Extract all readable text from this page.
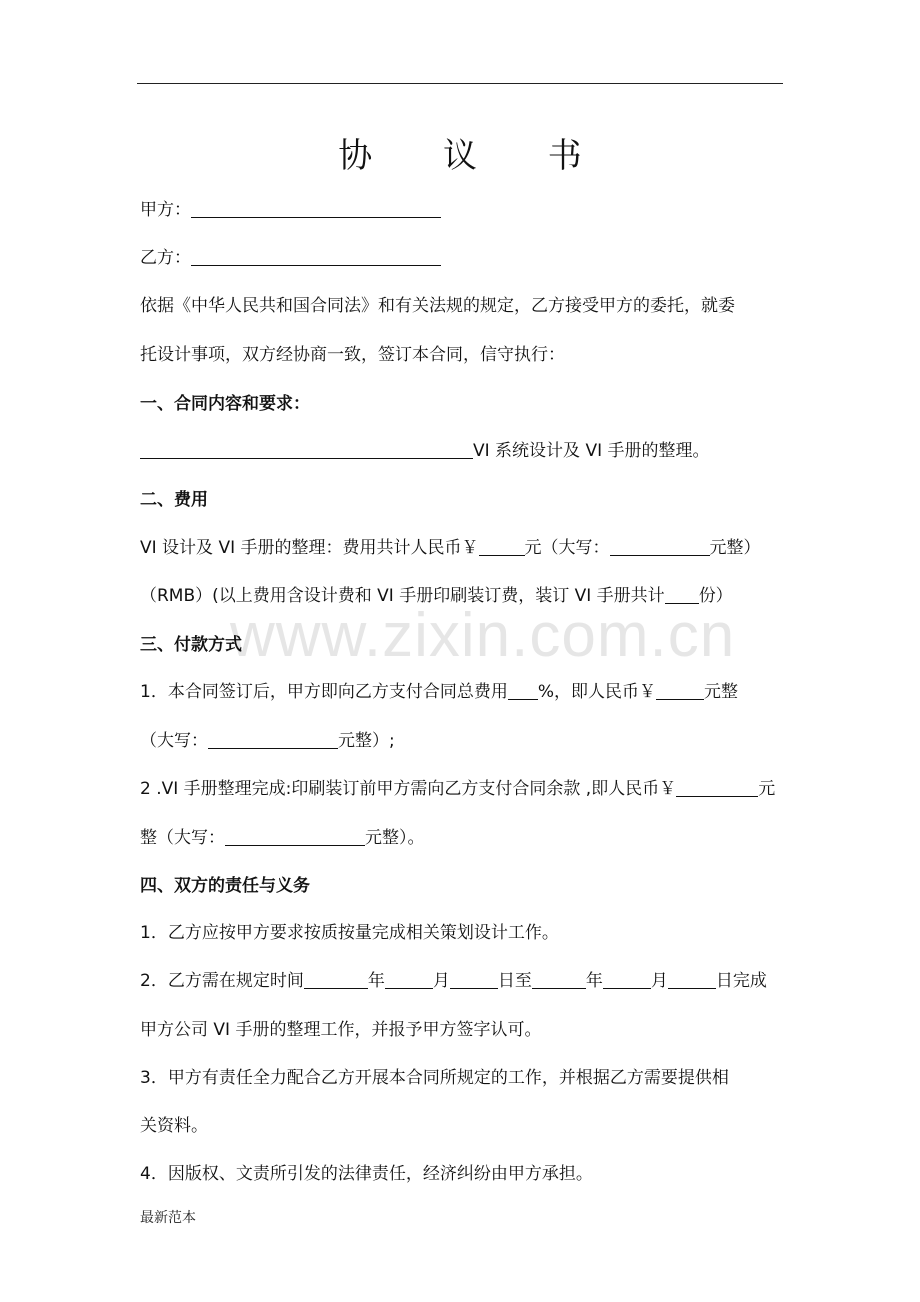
协 议 书
甲方：
乙方：
依据《中华人民共和国合同法》和有关法规的规定，乙方接受甲方的委托，就委
托设计事项，双方经协商一致，签订本合同，信守执行：
一、合同内容和要求：
VI 系统设计及 VI 手册的整理。
二、费用
VI 设计及 VI 手册的整理：费用共计人民币￥	元（大写：	元整）
（RMB）(以上费用含设计费和 VI 手册印刷装订费，装订 VI 手册共计 份）
www.zixin.com.cn
三、付款方式
1．本合同签订后，甲方即向乙方支付合同总费用 %，即人民币￥	元整
（大写：	元整）;
2 .VI 手册整理完成:印刷装订前甲方需向乙方支付合同余款 ,即人民币￥	元
整（大写：	元整）。
四、双方的责任与义务
1．乙方应按甲方要求按质按量完成相关策划设计工作。
2．乙方需在规定时间	年	月	日至	年	月	日完成
甲方公司 VI 手册的整理工作，并报予甲方签字认可。
3．甲方有责任全力配合乙方开展本合同所规定的工作，并根据乙方需要提供相
关资料。
4．因版权、文责所引发的法律责任，经济纠纷由甲方承担。
最新范本
